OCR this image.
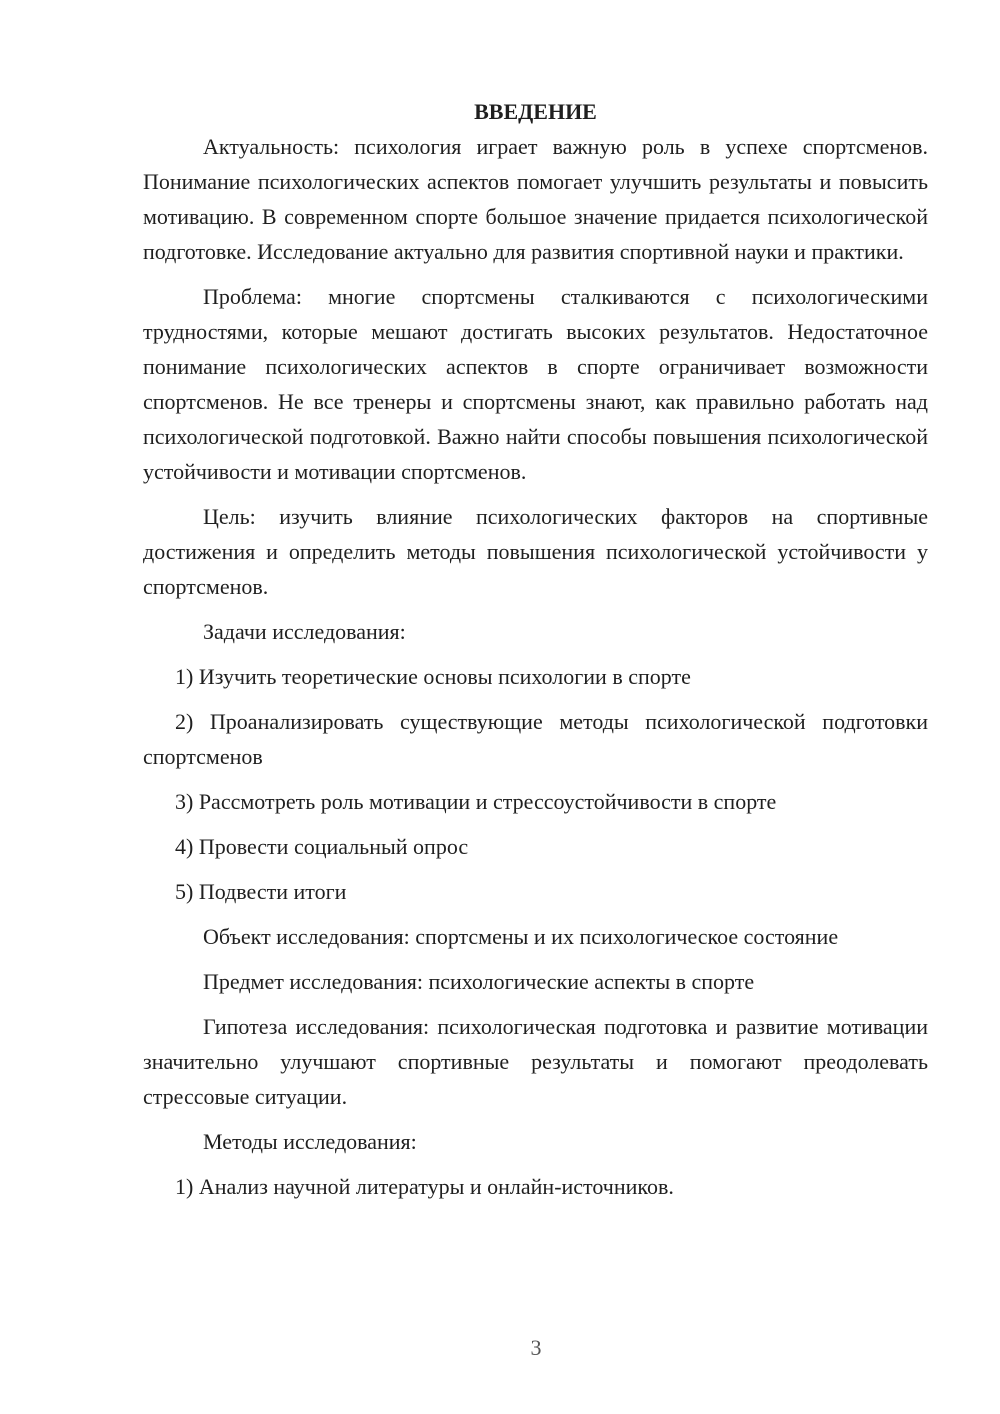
ВВЕДЕНИЕ

Актуальность: психология играет важную роль в успехе спортсменов. Понимание психологических аспектов помогает улучшить результаты и повысить мотивацию. В современном спорте большое значение придается психологической подготовке. Исследование актуально для развития спортивной науки и практики.

Проблема: многие спортсмены сталкиваются с психологическими трудностями, которые мешают достигать высоких результатов. Недостаточное понимание психологических аспектов в спорте ограничивает возможности спортсменов. Не все тренеры и спортсмены знают, как правильно работать над психологической подготовкой. Важно найти способы повышения психологической устойчивости и мотивации спортсменов.

Цель: изучить влияние психологических факторов на спортивные достижения и определить методы повышения психологической устойчивости у спортсменов.

Задачи исследования:

1) Изучить теоретические основы психологии в спорте

2) Проанализировать существующие методы психологической подготовки спортсменов

3) Рассмотреть роль мотивации и стрессоустойчивости в спорте

4) Провести социальный опрос

5) Подвести итоги

Объект исследования: спортсмены и их психологическое состояние

Предмет исследования: психологические аспекты в спорте

Гипотеза исследования: психологическая подготовка и развитие мотивации значительно улучшают спортивные результаты и помогают преодолевать стрессовые ситуации.

Методы исследования:

1) Анализ научной литературы и онлайн-источников.

3
